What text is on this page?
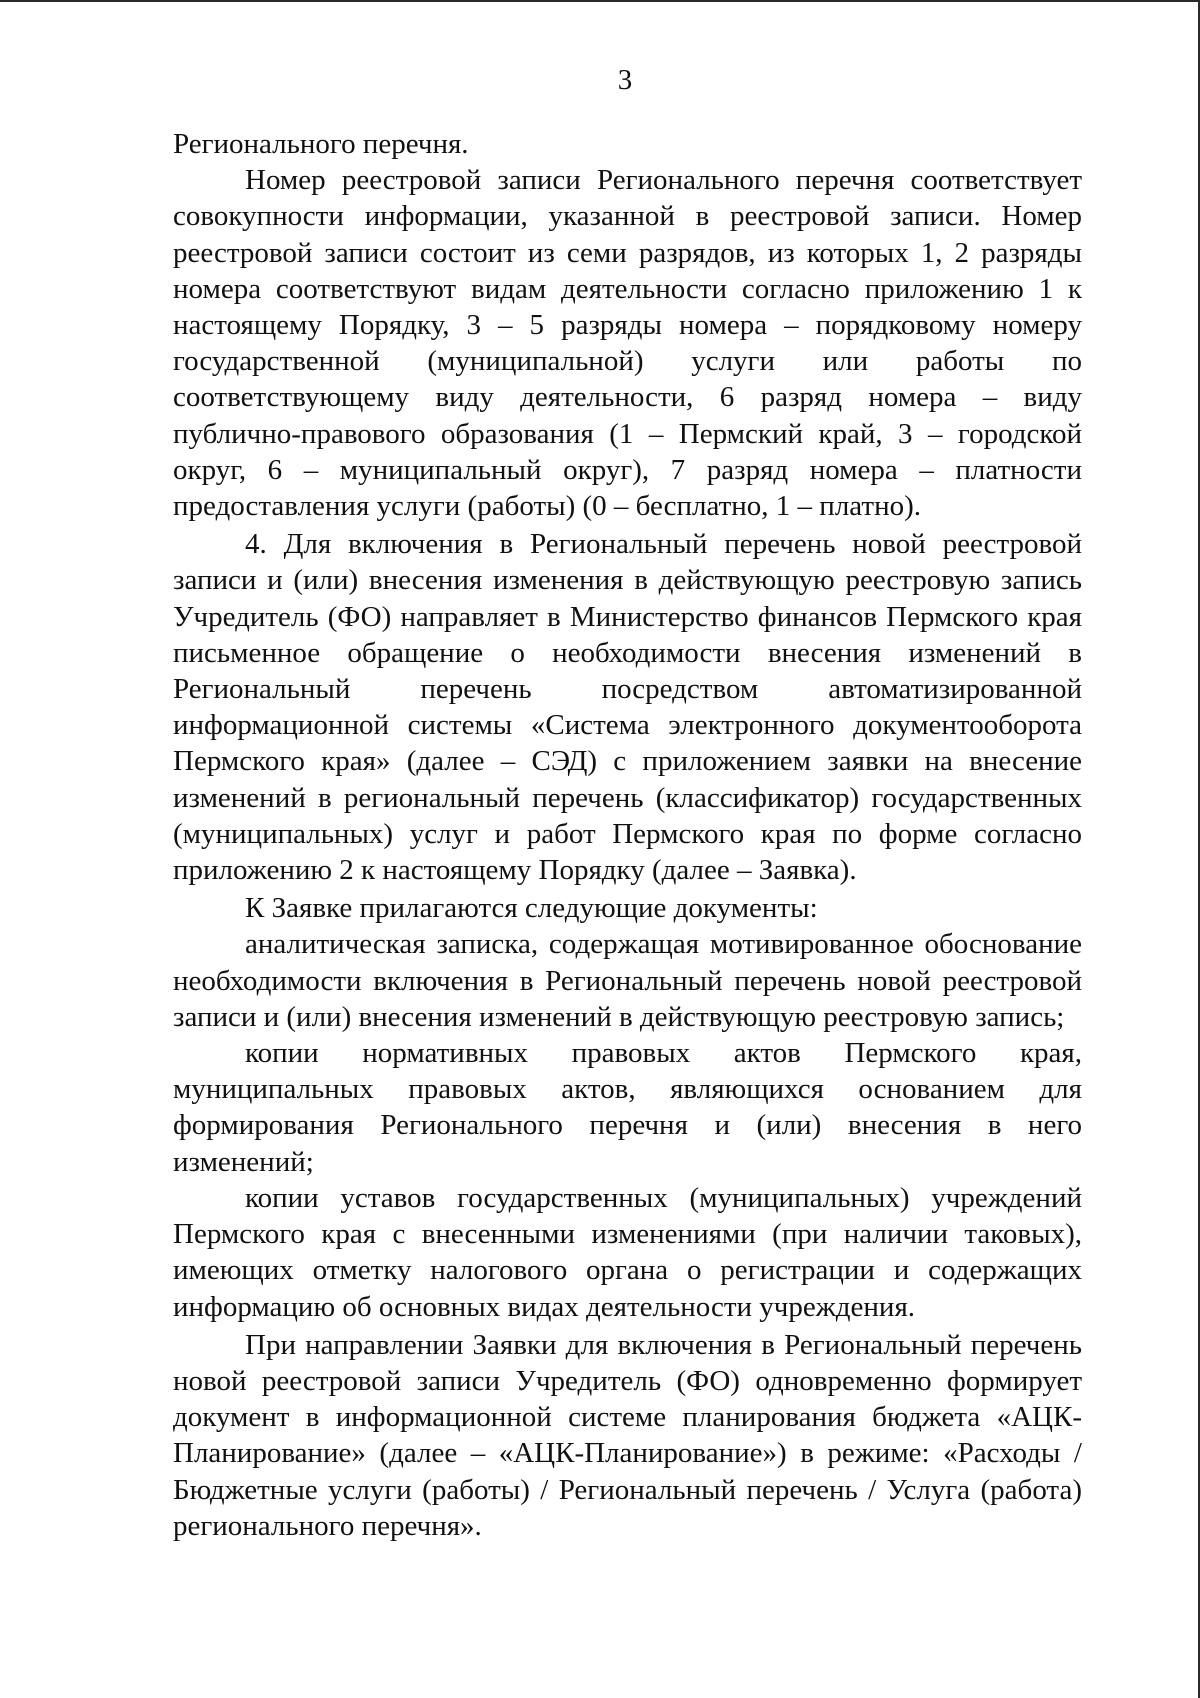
3

Регионального перечня.

Номер реестровой записи Регионального перечня соответствует совокупности информации, указанной в реестровой записи. Номер реестровой записи состоит из семи разрядов, из которых 1, 2 разряды номера соответствуют видам деятельности согласно приложению 1 к настоящему Порядку, 3 – 5 разряды номера – порядковому номеру государственной (муниципальной) услуги или работы по соответствующему виду деятельности, 6 разряд номера – виду публично-правового образования (1 – Пермский край, 3 – городской округ, 6 – муниципальный округ), 7 разряд номера – платности предоставления услуги (работы) (0 – бесплатно, 1 – платно).

4. Для включения в Региональный перечень новой реестровой записи и (или) внесения изменения в действующую реестровую запись Учредитель (ФО) направляет в Министерство финансов Пермского края письменное обращение о необходимости внесения изменений в Региональный перечень посредством автоматизированной информационной системы «Система электронного документооборота Пермского края» (далее – СЭД) с приложением заявки на внесение изменений в региональный перечень (классификатор) государственных (муниципальных) услуг и работ Пермского края по форме согласно приложению 2 к настоящему Порядку (далее – Заявка).

К Заявке прилагаются следующие документы:

аналитическая записка, содержащая мотивированное обоснование необходимости включения в Региональный перечень новой реестровой записи и (или) внесения изменений в действующую реестровую запись;

копии нормативных правовых актов Пермского края, муниципальных правовых актов, являющихся основанием для формирования Регионального перечня и (или) внесения в него изменений;

копии уставов государственных (муниципальных) учреждений Пермского края с внесенными изменениями (при наличии таковых), имеющих отметку налогового органа о регистрации и содержащих информацию об основных видах деятельности учреждения.

При направлении Заявки для включения в Региональный перечень новой реестровой записи Учредитель (ФО) одновременно формирует документ в информационной системе планирования бюджета «АЦК-Планирование» (далее – «АЦК-Планирование») в режиме: «Расходы / Бюджетные услуги (работы) / Региональный перечень / Услуга (работа) регионального перечня».
